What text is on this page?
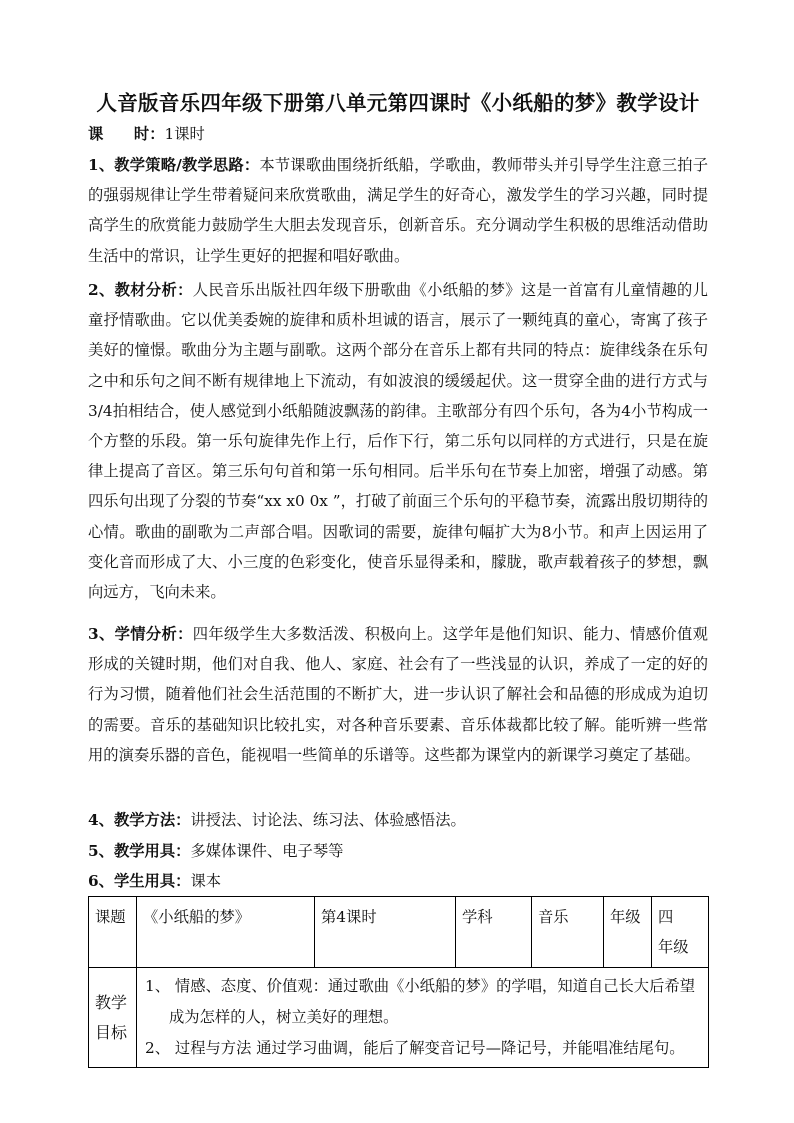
人音版音乐四年级下册第八单元第四课时《小纸船的梦》教学设计
课　　时：1课时
1、教学策略/教学思路：本节课歌曲围绕折纸船，学歌曲，教师带头并引导学生注意三拍子的强弱规律让学生带着疑问来欣赏歌曲，满足学生的好奇心，激发学生的学习兴趣，同时提高学生的欣赏能力鼓励学生大胆去发现音乐，创新音乐。充分调动学生积极的思维活动借助生活中的常识，让学生更好的把握和唱好歌曲。
2、教材分析：人民音乐出版社四年级下册歌曲《小纸船的梦》这是一首富有儿童情趣的儿童抒情歌曲。它以优美委婉的旋律和质朴坦诚的语言，展示了一颗纯真的童心，寄寓了孩子美好的憧憬。歌曲分为主题与副歌。这两个部分在音乐上都有共同的特点：旋律线条在乐句之中和乐句之间不断有规律地上下流动，有如波浪的缓缓起伏。这一贯穿全曲的进行方式与3/4拍相结合，使人感觉到小纸船随波飘荡的韵律。主歌部分有四个乐句，各为4小节构成一个方整的乐段。第一乐句旋律先作上行，后作下行，第二乐句以同样的方式进行，只是在旋律上提高了音区。第三乐句句首和第一乐句相同。后半乐句在节奏上加密，增强了动感。第四乐句出现了分裂的节奏“xx x0 0x ”，打破了前面三个乐句的平稳节奏，流露出殷切期待的心情。歌曲的副歌为二声部合唱。因歌词的需要，旋律句幅扩大为8小节。和声上因运用了变化音而形成了大、小三度的色彩变化，使音乐显得柔和，朦胧，歌声载着孩子的梦想，飘向远方，飞向未来。
3、学情分析：四年级学生大多数活泼、积极向上。这学年是他们知识、能力、情感价值观形成的关键时期，他们对自我、他人、家庭、社会有了一些浅显的认识，养成了一定的好的行为习惯，随着他们社会生活范围的不断扩大，进一步认识了解社会和品德的形成成为迫切的需要。音乐的基础知识比较扎实，对各种音乐要素、音乐体裁都比较了解。能听辨一些常用的演奏乐器的音色，能视唱一些简单的乐谱等。这些都为课堂内的新课学习奠定了基础。
4、教学方法：讲授法、讨论法、练习法、体验感悟法。
5、教学用具：多媒体课件、电子琴等
6、学生用具：课本
课题	《小纸船的梦》	第4课时	学科	音乐	年级	四　年级
教学目标	1、 情感、态度、价值观：通过歌曲《小纸船的梦》的学唱，知道自己长大后希望成为怎样的人，树立美好的理想。
2、 过程与方法 通过学习曲调，能后了解变音记号—降记号，并能唱准结尾句。					
